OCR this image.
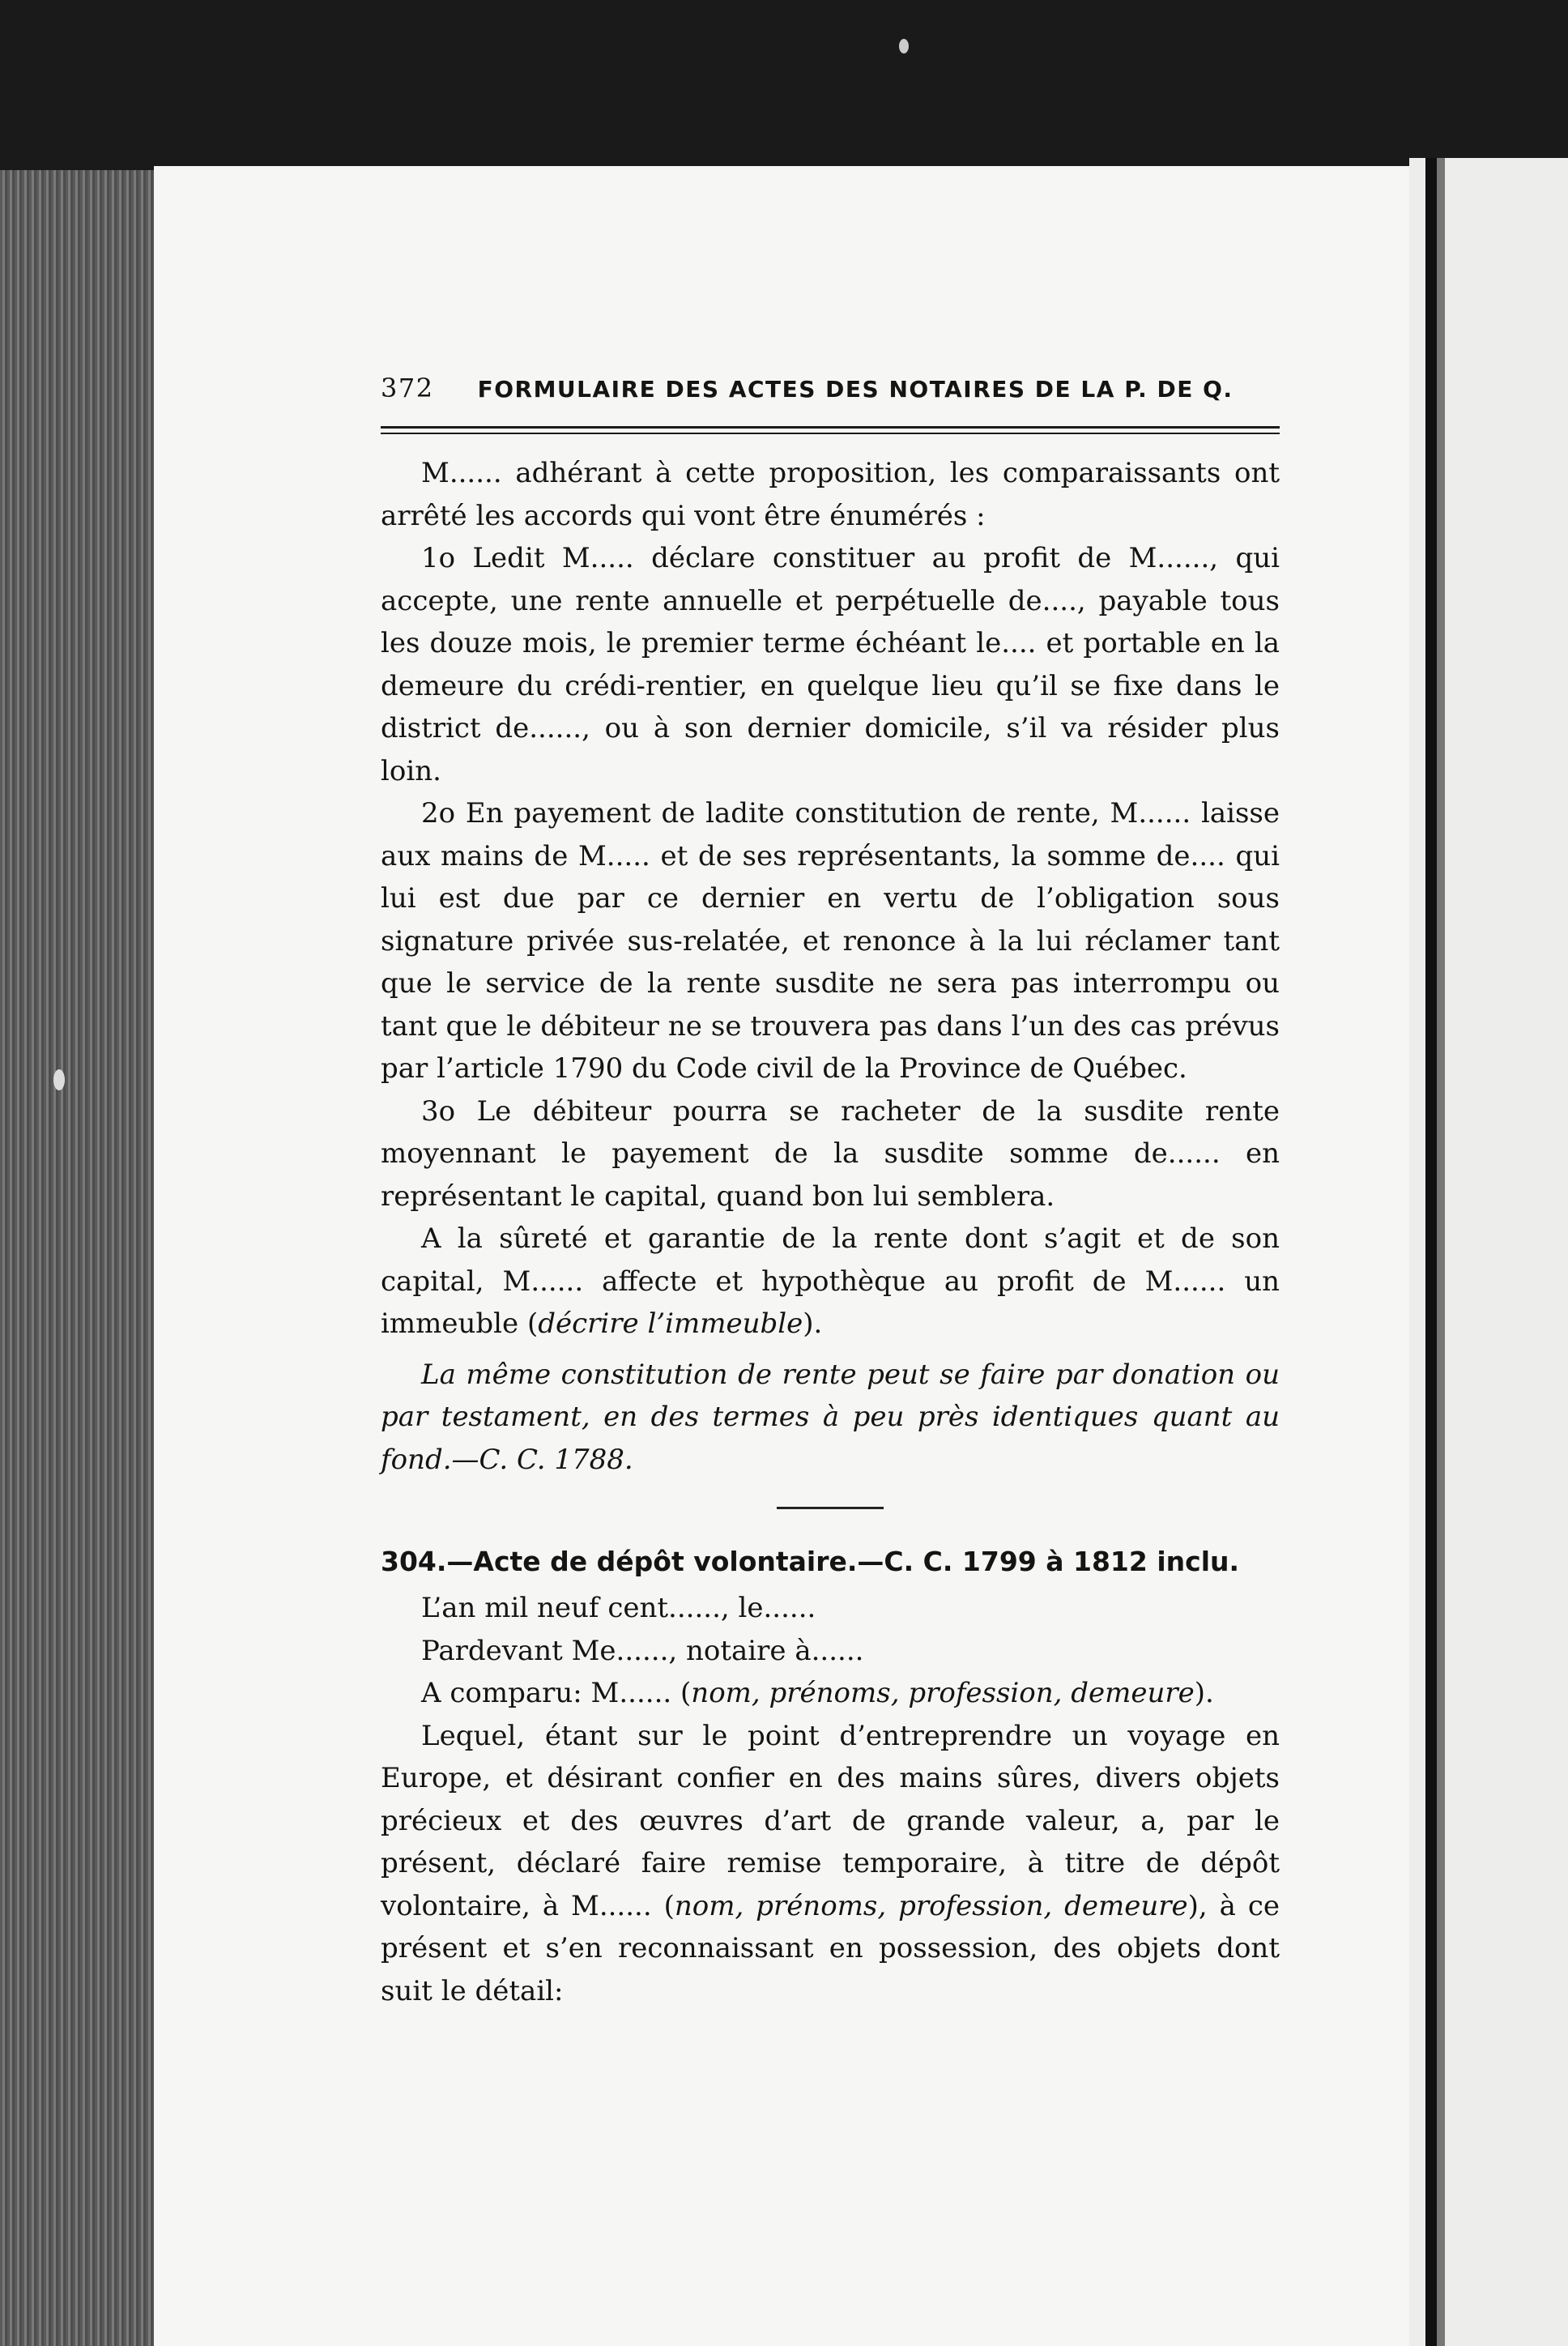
372 FORMULAIRE DES ACTES DES NOTAIRES DE LA P. DE Q.

M...... adhérant à cette proposition, les comparaissants ont arrêté les accords qui vont être énumérés :

1o Ledit M..... déclare constituer au profit de M......, qui accepte, une rente annuelle et perpétuelle de...., payable tous les douze mois, le premier terme échéant le.... et portable en la demeure du crédi-rentier, en quelque lieu qu’il se fixe dans le district de......, ou à son dernier domicile, s’il va résider plus loin.

2o En payement de ladite constitution de rente, M...... laisse aux mains de M..... et de ses représentants, la somme de.... qui lui est due par ce dernier en vertu de l’obligation sous signature privée sus-relatée, et renonce à la lui réclamer tant que le service de la rente susdite ne sera pas interrompu ou tant que le débiteur ne se trouvera pas dans l’un des cas prévus par l’article 1790 du Code civil de la Province de Québec.

3o Le débiteur pourra se racheter de la susdite rente moyennant le payement de la susdite somme de...... en représentant le capital, quand bon lui semblera.

A la sûreté et garantie de la rente dont s’agit et de son capital, M...... affecte et hypothèque au profit de M...... un immeuble (décrire l’immeuble).

La même constitution de rente peut se faire par donation ou par testament, en des termes à peu près identiques quant au fond.—C. C. 1788.

304.—Acte de dépôt volontaire.—C. C. 1799 à 1812 inclu.

L’an mil neuf cent......, le......

Pardevant Me......, notaire à......

A comparu: M...... (nom, prénoms, profession, demeure).

Lequel, étant sur le point d’entreprendre un voyage en Europe, et désirant confier en des mains sûres, divers objets précieux et des œuvres d’art de grande valeur, a, par le présent, déclaré faire remise temporaire, à titre de dépôt volontaire, à M...... (nom, prénoms, profession, demeure), à ce présent et s’en reconnaissant en possession, des objets dont suit le détail:
